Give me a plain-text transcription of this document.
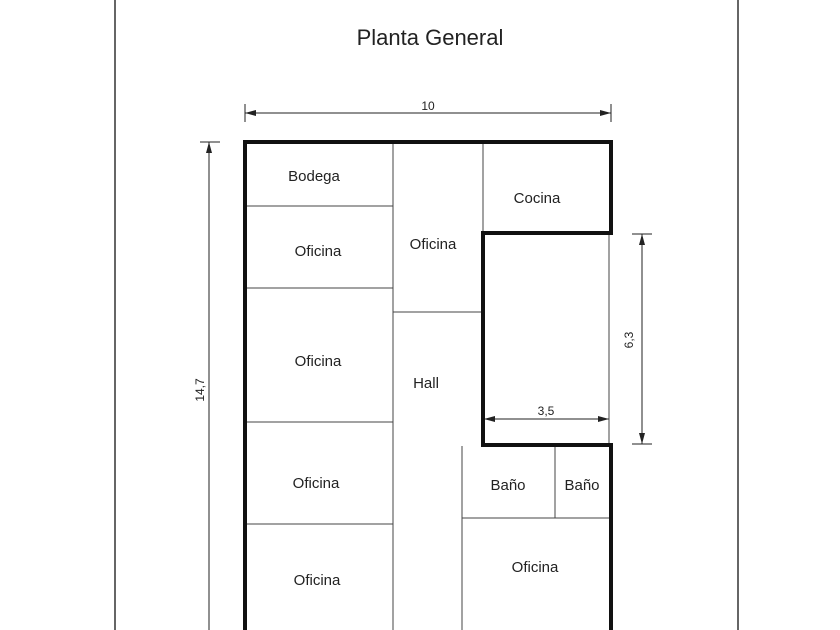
Planta General
10
14,7
6,3
3,5
Bodega
Oficina	Oficina
Cocina
Oficina
Hall
Oficina	Baño	Baño
Oficina
Oficina
